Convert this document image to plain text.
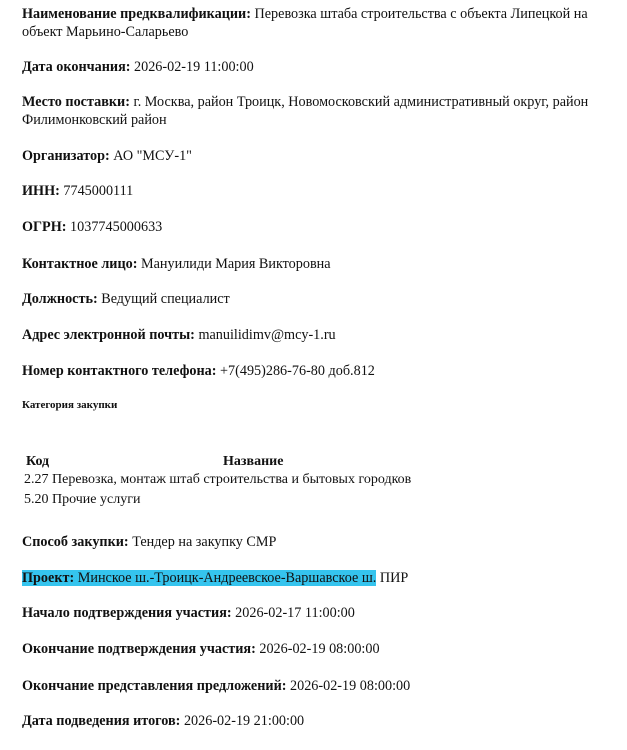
Наименование предквалификации: Перевозка штаба строительства с объекта Липецкой на объект Марьино-Саларьево

Дата окончания: 2026-02-19 11:00:00

Место поставки: г. Москва, район Троицк, Новомосковский административный округ, район Филимонковский район

Организатор: АО "МСУ-1"

ИНН: 7745000111

ОГРН: 1037745000633

Контактное лицо: Мануилиди Мария Викторовна

Должность: Ведущий специалист

Адрес электронной почты: manuilidimv@mcy-1.ru

Номер контактного телефона: +7(495)286-76-80 доб.812

Категория закупки
Код	Название
2.27 Перевозка, монтаж штаб строительства и бытовых городков
5.20 Прочие услуги

Способ закупки: Тендер на закупку СМР

Проект: Минское ш.-Троицк-Андреевское-Варшавское ш. ПИР

Начало подтверждения участия: 2026-02-17 11:00:00

Окончание подтверждения участия: 2026-02-19 08:00:00

Окончание представления предложений: 2026-02-19 08:00:00

Дата подведения итогов: 2026-02-19 21:00:00
